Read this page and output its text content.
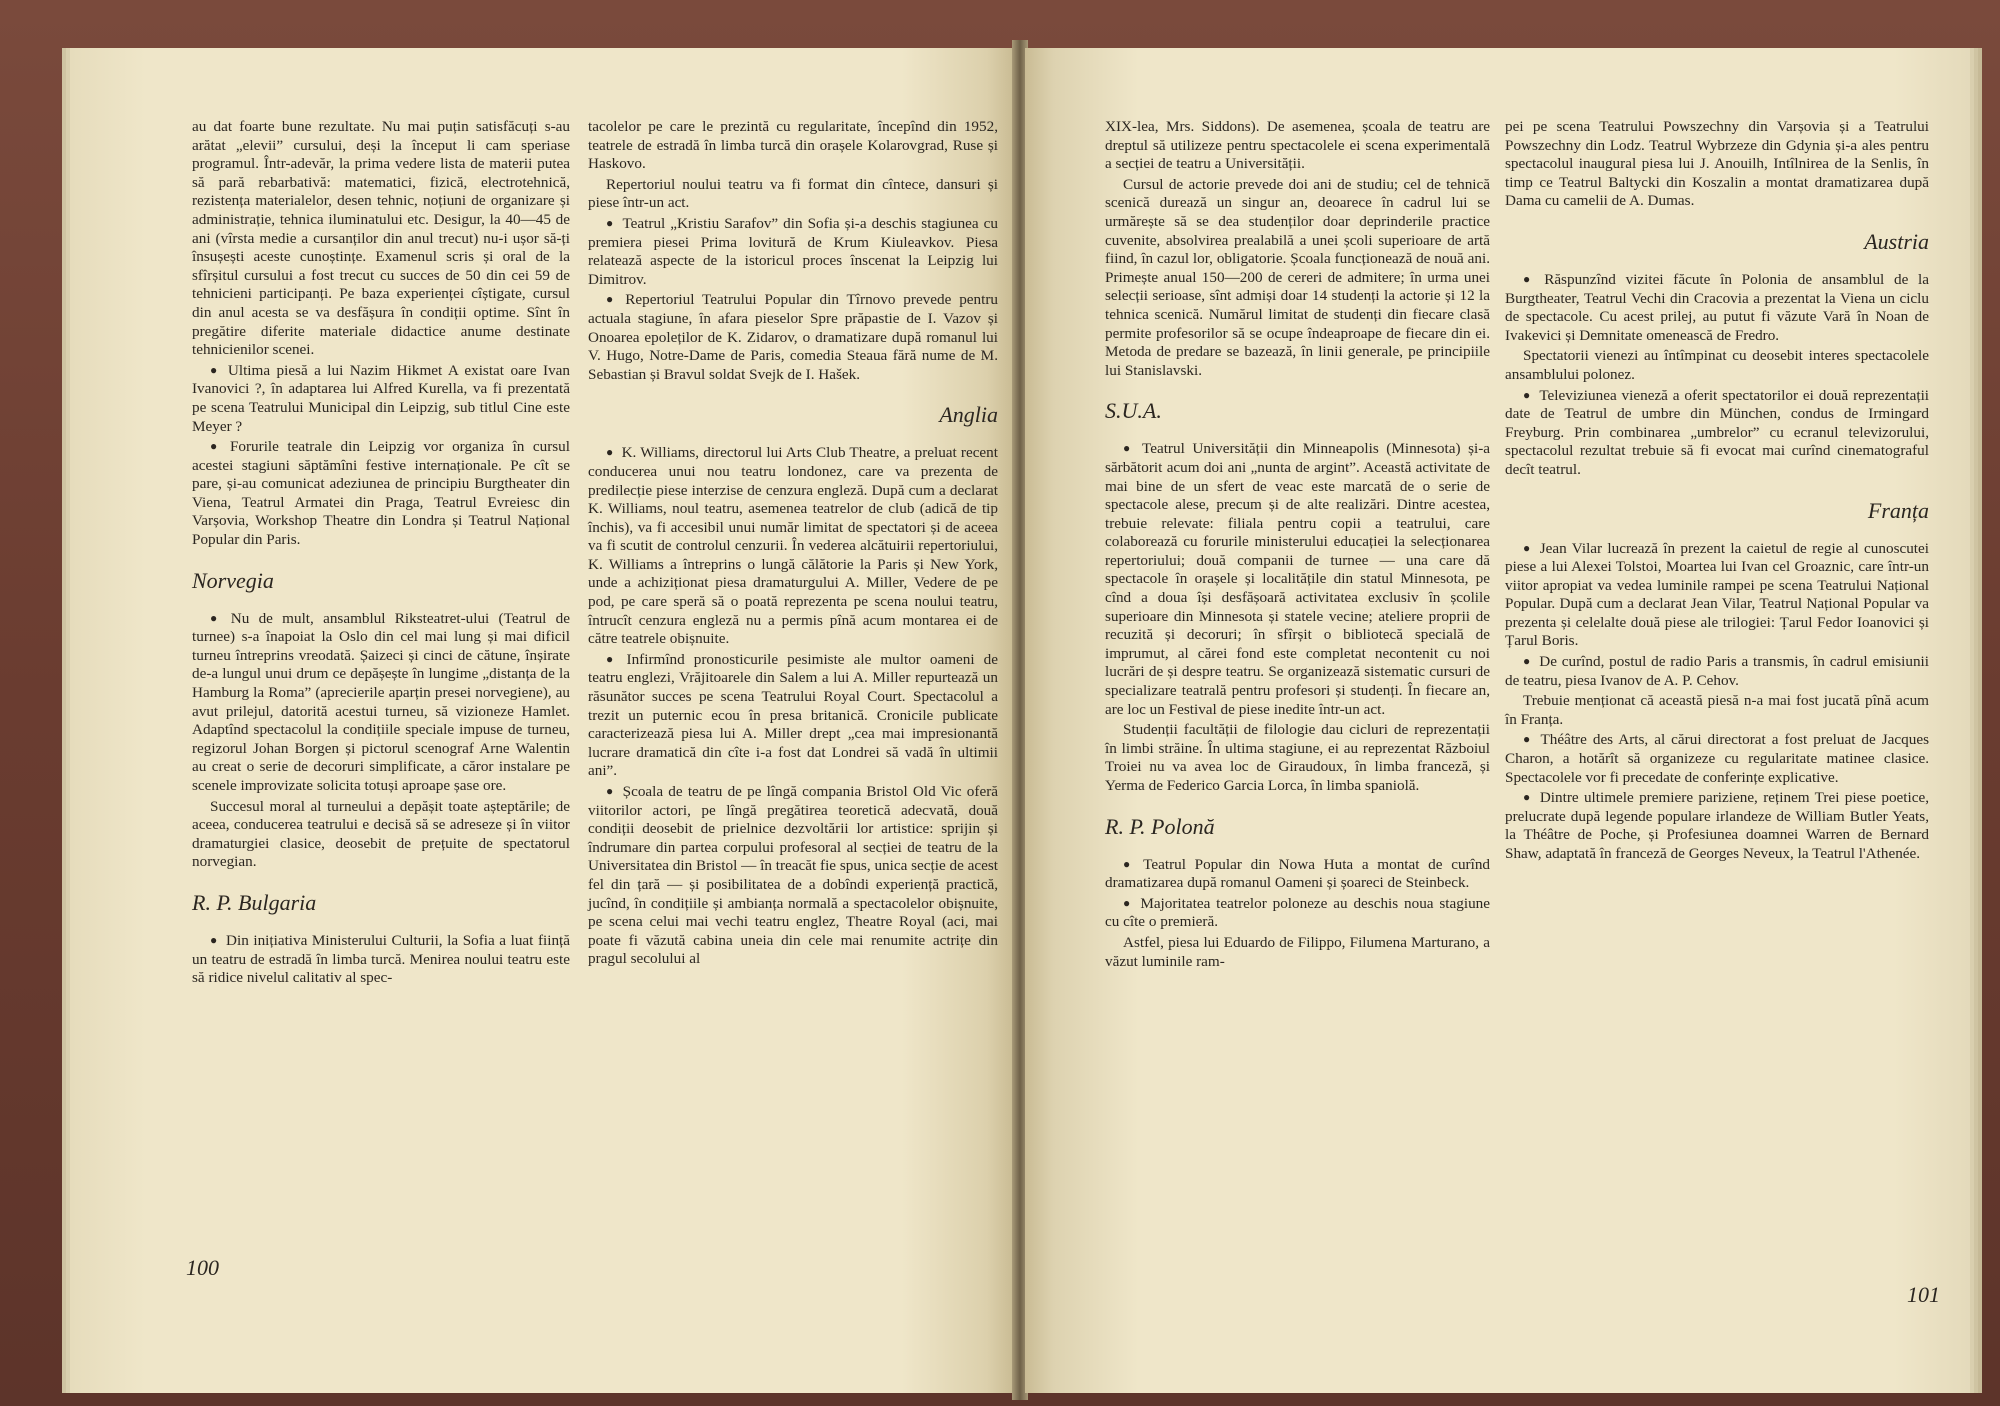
au dat foarte bune rezultate. Nu mai puțin satisfăcuți s-au arătat „elevii” cursului, deși la început li cam speriase programul. Într-adevăr, la prima vedere lista de materii putea să pară rebarbativă: matematici, fizică, electrotehnică, rezistența materialelor, desen tehnic, noțiuni de organizare și administrație, tehnica iluminatului etc. Desigur, la 40—45 de ani (vîrsta medie a cursanților din anul trecut) nu-i ușor să-ți însușești aceste cunoștințe. Examenul scris și oral de la sfîrșitul cursului a fost trecut cu succes de 50 din cei 59 de tehnicieni participanți. Pe baza experienței cîștigate, cursul din anul acesta se va desfășura în condiții optime. Sînt în pregătire diferite materiale didactice anume destinate tehnicienilor scenei.

● Ultima piesă a lui Nazim Hikmet A existat oare Ivan Ivanovici ?, în adaptarea lui Alfred Kurella, va fi prezentată pe scena Teatrului Municipal din Leipzig, sub titlul Cine este Meyer ?

● Forurile teatrale din Leipzig vor organiza în cursul acestei stagiuni săptămîni festive internaționale. Pe cît se pare, și-au comunicat adeziunea de principiu Burgtheater din Viena, Teatrul Armatei din Praga, Teatrul Evreiesc din Varșovia, Workshop Theatre din Londra și Teatrul Național Popular din Paris.

Norvegia

● Nu de mult, ansamblul Riksteatret-ului (Teatrul de turnee) s-a înapoiat la Oslo din cel mai lung și mai dificil turneu întreprins vreodată. Șaizeci și cinci de cătune, înșirate de-a lungul unui drum ce depășește în lungime „distanța de la Hamburg la Roma” (aprecierile aparțin presei norvegiene), au avut prilejul, datorită acestui turneu, să vizioneze Hamlet. Adaptînd spectacolul la condițiile speciale impuse de turneu, regizorul Johan Borgen și pictorul scenograf Arne Walentin au creat o serie de decoruri simplificate, a căror instalare pe scenele improvizate solicita totuși aproape șase ore.

Succesul moral al turneului a depășit toate așteptările; de aceea, conducerea teatrului e decisă să se adreseze și în viitor dramaturgiei clasice, deosebit de prețuite de spectatorul norvegian.

R. P. Bulgaria

● Din inițiativa Ministerului Culturii, la Sofia a luat ființă un teatru de estradă în limba turcă. Menirea noului teatru este să ridice nivelul calitativ al spec-

tacolelor pe care le prezintă cu regularitate, începînd din 1952, teatrele de estradă în limba turcă din orașele Kolarovgrad, Ruse și Haskovo.

Repertoriul noului teatru va fi format din cîntece, dansuri și piese într-un act.

● Teatrul „Kristiu Sarafov” din Sofia și-a deschis stagiunea cu premiera piesei Prima lovitură de Krum Kiuleavkov. Piesa relatează aspecte de la istoricul proces înscenat la Leipzig lui Dimitrov.

● Repertoriul Teatrului Popular din Tîrnovo prevede pentru actuala stagiune, în afara pieselor Spre prăpastie de I. Vazov și Onoarea epoleților de K. Zidarov, o dramatizare după romanul lui V. Hugo, Notre-Dame de Paris, comedia Steaua fără nume de M. Sebastian și Bravul soldat Svejk de I. Hašek.

Anglia

● K. Williams, directorul lui Arts Club Theatre, a preluat recent conducerea unui nou teatru londonez, care va prezenta de predilecție piese interzise de cenzura engleză. După cum a declarat K. Williams, noul teatru, asemenea teatrelor de club (adică de tip închis), va fi accesibil unui număr limitat de spectatori și de aceea va fi scutit de controlul cenzurii. În vederea alcătuirii repertoriului, K. Williams a întreprins o lungă călătorie la Paris și New York, unde a achiziționat piesa dramaturgului A. Miller, Vedere de pe pod, pe care speră să o poată reprezenta pe scena noului teatru, întrucît cenzura engleză nu a permis pînă acum montarea ei de către teatrele obișnuite.

● Infirmînd pronosticurile pesimiste ale multor oameni de teatru englezi, Vrăjitoarele din Salem a lui A. Miller repurtează un răsunător succes pe scena Teatrului Royal Court. Spectacolul a trezit un puternic ecou în presa britanică. Cronicile publicate caracterizează piesa lui A. Miller drept „cea mai impresionantă lucrare dramatică din cîte i-a fost dat Londrei să vadă în ultimii ani”.

● Școala de teatru de pe lîngă compania Bristol Old Vic oferă viitorilor actori, pe lîngă pregătirea teoretică adecvată, două condiții deosebit de prielnice dezvoltării lor artistice: sprijin și îndrumare din partea corpului profesoral al secției de teatru de la Universitatea din Bristol — în treacăt fie spus, unica secție de acest fel din țară — și posibilitatea de a dobîndi experiență practică, jucînd, în condițiile și ambianța normală a spectacolelor obișnuite, pe scena celui mai vechi teatru englez, Theatre Royal (aci, mai poate fi văzută cabina uneia din cele mai renumite actrițe din pragul secolului al

100

XIX-lea, Mrs. Siddons). De asemenea, școala de teatru are dreptul să utilizeze pentru spectacolele ei scena experimentală a secției de teatru a Universității.

Cursul de actorie prevede doi ani de studiu; cel de tehnică scenică durează un singur an, deoarece în cadrul lui se urmărește să se dea studenților doar deprinderile practice cuvenite, absolvirea prealabilă a unei școli superioare de artă fiind, în cazul lor, obligatorie. Școala funcționează de nouă ani. Primește anual 150—200 de cereri de admitere; în urma unei selecții serioase, sînt admiși doar 14 studenți la actorie și 12 la tehnica scenică. Numărul limitat de studenți din fiecare clasă permite profesorilor să se ocupe îndeaproape de fiecare din ei. Metoda de predare se bazează, în linii generale, pe principiile lui Stanislavski.

S.U.A.

● Teatrul Universității din Minneapolis (Minnesota) și-a sărbătorit acum doi ani „nunta de argint”. Această activitate de mai bine de un sfert de veac este marcată de o serie de spectacole alese, precum și de alte realizări. Dintre acestea, trebuie relevate: filiala pentru copii a teatrului, care colaborează cu forurile ministerului educației la selecționarea repertoriului; două companii de turnee — una care dă spectacole în orașele și localitățile din statul Minnesota, pe cînd a doua își desfășoară activitatea exclusiv în școlile superioare din Minnesota și statele vecine; ateliere proprii de recuzită și decoruri; în sfîrșit o bibliotecă specială de imprumut, al cărei fond este completat necontenit cu noi lucrări de și despre teatru. Se organizează sistematic cursuri de specializare teatrală pentru profesori și studenți. În fiecare an, are loc un Festival de piese inedite într-un act.

Studenții facultății de filologie dau cicluri de reprezentații în limbi străine. În ultima stagiune, ei au reprezentat Războiul Troiei nu va avea loc de Giraudoux, în limba franceză, și Yerma de Federico Garcia Lorca, în limba spaniolă.

R. P. Polonă

● Teatrul Popular din Nowa Huta a montat de curînd dramatizarea după romanul Oameni și șoareci de Steinbeck.

● Majoritatea teatrelor poloneze au deschis noua stagiune cu cîte o premieră.

Astfel, piesa lui Eduardo de Filippo, Filumena Marturano, a văzut luminile ram-

pei pe scena Teatrului Powszechny din Varșovia și a Teatrului Powszechny din Lodz. Teatrul Wybrzeze din Gdynia și-a ales pentru spectacolul inaugural piesa lui J. Anouilh, Intîlnirea de la Senlis, în timp ce Teatrul Baltycki din Koszalin a montat dramatizarea după Dama cu camelii de A. Dumas.

Austria

● Răspunzînd vizitei făcute în Polonia de ansamblul de la Burgtheater, Teatrul Vechi din Cracovia a prezentat la Viena un ciclu de spectacole. Cu acest prilej, au putut fi văzute Vară în Noan de Ivakevici și Demnitate omenească de Fredro.

Spectatorii vienezi au întîmpinat cu deosebit interes spectacolele ansamblului polonez.

● Televiziunea vieneză a oferit spectatorilor ei două reprezentații date de Teatrul de umbre din München, condus de Irmingard Freyburg. Prin combinarea „umbrelor” cu ecranul televizorului, spectacolul rezultat trebuie să fi evocat mai curînd cinematograful decît teatrul.

Franța

● Jean Vilar lucrează în prezent la caietul de regie al cunoscutei piese a lui Alexei Tolstoi, Moartea lui Ivan cel Groaznic, care într-un viitor apropiat va vedea luminile rampei pe scena Teatrului Național Popular. După cum a declarat Jean Vilar, Teatrul Național Popular va prezenta și celelalte două piese ale trilogiei: Țarul Fedor Ioanovici și Țarul Boris.

● De curînd, postul de radio Paris a transmis, în cadrul emisiunii de teatru, piesa Ivanov de A. P. Cehov.

Trebuie menționat că această piesă n-a mai fost jucată pînă acum în Franța.

● Théâtre des Arts, al cărui directorat a fost preluat de Jacques Charon, a hotărît să organizeze cu regularitate matinee clasice. Spectacolele vor fi precedate de conferințe explicative.

● Dintre ultimele premiere pariziene, reținem Trei piese poetice, prelucrate după legende populare irlandeze de William Butler Yeats, la Théâtre de Poche, și Profesiunea doamnei Warren de Bernard Shaw, adaptată în franceză de Georges Neveux, la Teatrul l'Athenée.

101
